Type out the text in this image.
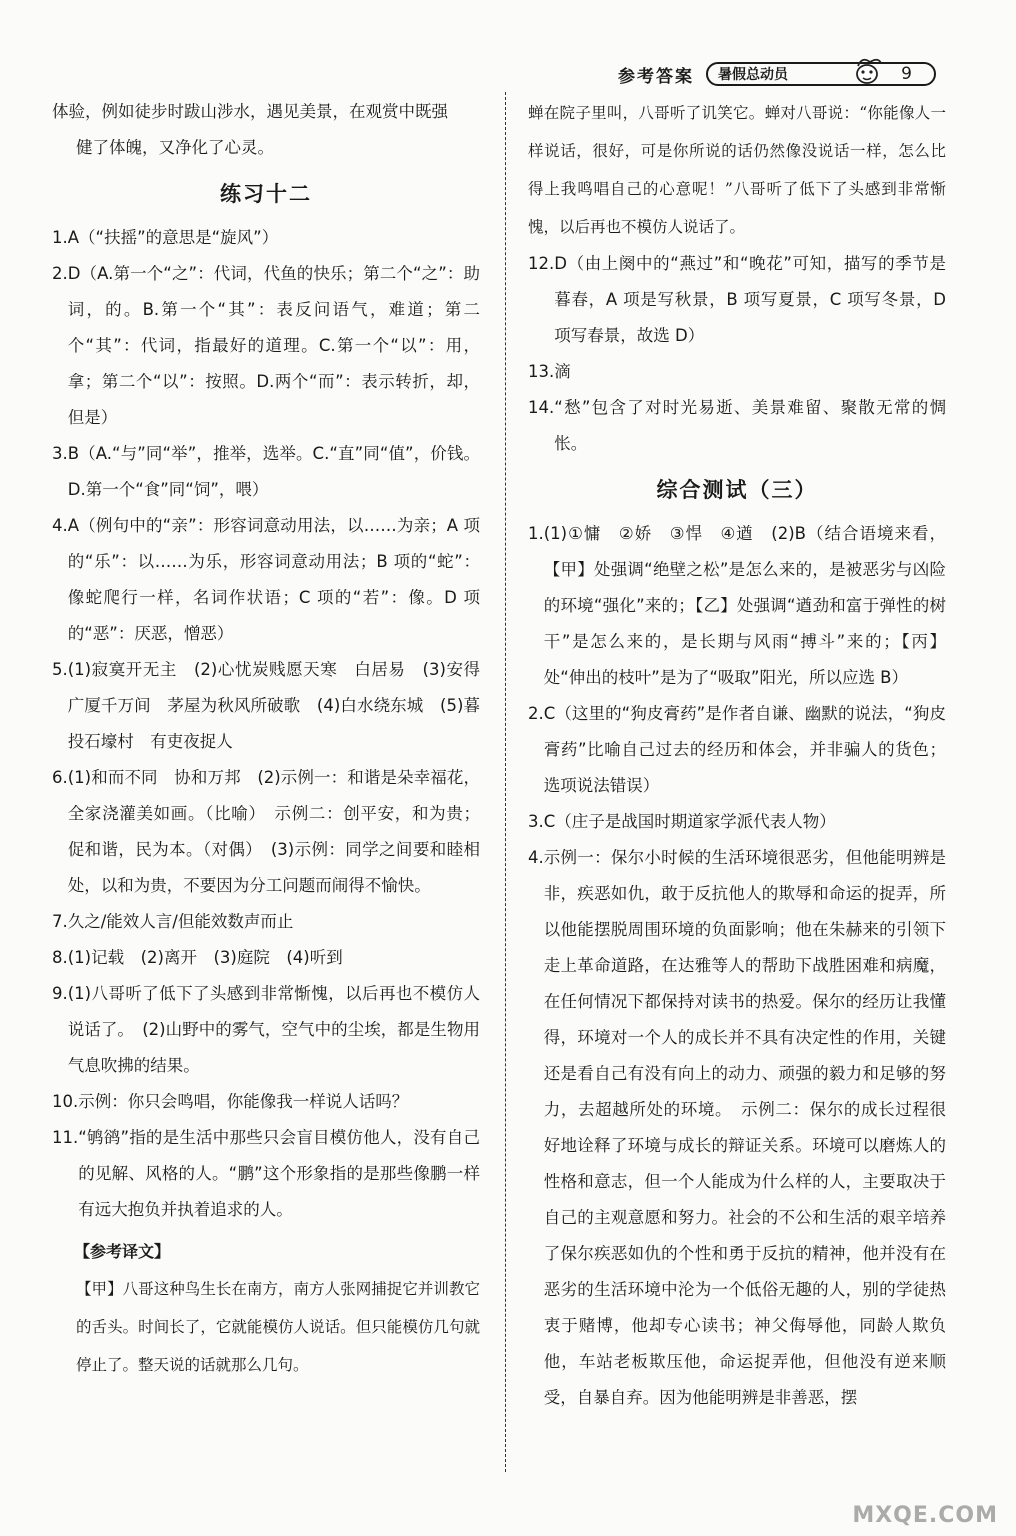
参考答案 暑假总动员	9

体验，例如徒步时跋山涉水，遇见美景，在观赏中既强

健了体魄，又净化了心灵。

练习十二
1. A（“扶摇”的意思是“旋风”）
2. D（A.第一个“之”：代词，代鱼的快乐；第二个“之”：助词，的。B.第一个“其”：表反问语气，难道；第二个“其”：代词，指最好的道理。C.第一个“以”：用，拿；第二个“以”：按照。D.两个“而”：表示转折，却，但是）
3. B（A.“与”同“举”，推举，选举。C.“直”同“值”，价钱。D.第一个“食”同“饲”，喂）
4. A（例句中的“亲”：形容词意动用法，以……为亲；A 项的“乐”：以……为乐，形容词意动用法；B 项的“蛇”：像蛇爬行一样，名词作状语；C 项的“若”：像。D 项的“恶”：厌恶，憎恶）
5. (1)寂寞开无主　(2)心忧炭贱愿天寒　白居易　(3)安得广厦千万间　茅屋为秋风所破歌　(4)白水绕东城　(5)暮投石壕村　有吏夜捉人
6. (1)和而不同　协和万邦　(2)示例一：和谐是朵幸福花，全家浇灌美如画。（比喻）　示例二：创平安，和为贵；促和谐，民为本。（对偶）　(3)示例：同学之间要和睦相处，以和为贵，不要因为分工问题而闹得不愉快。
7. 久之/能效人言/但能效数声而止
8. (1)记载　(2)离开　(3)庭院　(4)听到
9. (1)八哥听了低下了头感到非常惭愧，以后再也不模仿人说话了。　(2)山野中的雾气，空气中的尘埃，都是生物用气息吹拂的结果。
10. 示例：你只会鸣唱，你能像我一样说人话吗？
11. “鸲鹆”指的是生活中那些只会盲目模仿他人，没有自己的见解、风格的人。“鹏”这个形象指的是那些像鹏一样有远大抱负并执着追求的人。
【参考译文】

【甲】八哥这种鸟生长在南方，南方人张网捕捉它并训教它的舌头。时间长了，它就能模仿人说话。但只能模仿几句就停止了。整天说的话就那么几句。

蝉在院子里叫，八哥听了讥笑它。蝉对八哥说：“你能像人一样说话，很好，可是你所说的话仍然像没说话一样，怎么比得上我鸣唱自己的心意呢！”八哥听了低下了头感到非常惭愧，以后再也不模仿人说话了。

12. D（由上阕中的“燕过”和“晚花”可知，描写的季节是暮春，A 项是写秋景，B 项写夏景，C 项写冬景，D 项写春景，故选 D）
13. 滴
14. “愁”包含了对时光易逝、美景难留、聚散无常的惆怅。
综合测试（三）
1. (1)①慵　②娇　③悍　④遒　(2)B（结合语境来看，【甲】处强调“绝壁之松”是怎么来的，是被恶劣与凶险的环境“强化”来的；【乙】处强调“遒劲和富于弹性的树干”是怎么来的，是长期与风雨“搏斗”来的；【丙】处“伸出的枝叶”是为了“吸取”阳光，所以应选 B）
2. C（这里的“狗皮膏药”是作者自谦、幽默的说法，“狗皮膏药”比喻自己过去的经历和体会，并非骗人的货色；选项说法错误）
3. C（庄子是战国时期道家学派代表人物）
4. 示例一：保尔小时候的生活环境很恶劣，但他能明辨是非，疾恶如仇，敢于反抗他人的欺辱和命运的捉弄，所以他能摆脱周围环境的负面影响；他在朱赫来的引领下走上革命道路，在达雅等人的帮助下战胜困难和病魔，在任何情况下都保持对读书的热爱。保尔的经历让我懂得，环境对一个人的成长并不具有决定性的作用，关键还是看自己有没有向上的动力、顽强的毅力和足够的努力，去超越所处的环境。　示例二：保尔的成长过程很好地诠释了环境与成长的辩证关系。环境可以磨炼人的性格和意志，但一个人能成为什么样的人，主要取决于自己的主观意愿和努力。社会的不公和生活的艰辛培养了保尔疾恶如仇的个性和勇于反抗的精神，他并没有在恶劣的生活环境中沦为一个低俗无趣的人，别的学徒热衷于赌博，他却专心读书；神父侮辱他，同龄人欺负他，车站老板欺压他，命运捉弄他，但他没有逆来顺受，自暴自弃。因为他能明辨是非善恶，摆
MXQE.COM
